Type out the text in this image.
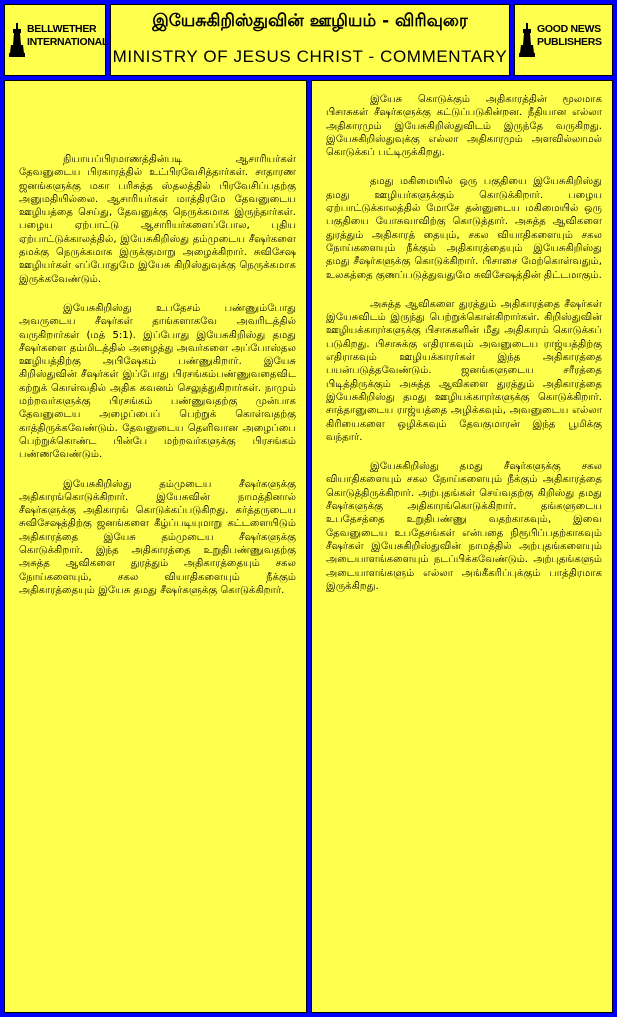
BELLWETHER
INTERNATIONAL
இயேசுகிறிஸ்துவின் ஊழியம் - விரிவுரை
MINISTRY OF JESUS CHRIST - COMMENTARY
GOOD NEWS
PUBLISHERS

நியாயப்பிரமாணத்தின்படி ஆசாரியர்கள் தேவனுடைய பிரகாரத்தில் உட்பிரவேசித்தார்கள். சாதாரண ஜனங்களுக்கு மகா பரிசுத்த ஸ்தலத்தில் பிரவேசிப்பதற்கு அனுமதியில்லை. ஆசாரியர்கள் மாத்திரமே தேவனுடைய ஊழியத்தை செய்து, தேவனுக்கு நெருக்கமாக இருந்தார்கள். பழைய ஏற்பாட்டு ஆசாரியர்களைப்போல, புதிய ஏற்பாட்டுக்காலத்தில், இயேசுகிறிஸ்து தம்முடைய சீஷர்களை தமக்கு நெருக்கமாக இருக்குமாறு அழைக்கிறார். சுவிசேஷ ஊழியர்கள் எப்போதுமே இயேசு கிறிஸ்துவுக்கு நெருக்கமாக இருக்கவேண்டும்.

இயேசுகிறிஸ்து உபதேசம் பண்ணும்போது அவருடைய சீஷர்கள் தாங்களாகவே அவரிடத்தில் வருகிறார்கள் (மத் 5:1). இப்போது இயேசுகிறிஸ்து தமது சீஷர்களை தம்மிடத்தில் அழைத்து அவர்களை அப்போஸ்தல ஊழியத்திற்கு அபிஷேகம் பண்ணுகிறார். இயேசு கிறிஸ்துவின் சீஷர்கள் இப்போது பிரசங்கம்பண்ணுவதைவிட கற்றுக் கொள்வதில் அதிக கவனம் செலுத்துகிறார்கள். நாமும் மற்றவர்களுக்கு பிரசங்கம் பண்ணுவதற்கு முன்பாக தேவனுடைய அழைப்பைப் பெற்றுக் கொள்வதற்கு காத்திருக்கவேண்டும். தேவனுடைய தெளிவான அழைப்பை பெற்றுக்கொண்ட பின்பே மற்றவர்களுக்கு பிரசங்கம் பண்ணவேண்டும்.

இயேசுகிறிஸ்து தம்முடைய சீஷர்களுக்கு அதிகாரங்கொடுக்கிறார். இயேசுவின் நாமத்தினால் சீஷர்களுக்கு அதிகாரங் கொடுக்கப்படுகிறது. கர்த்தருடைய சுவிசேஷத்திற்கு ஜனங்களை கீழ்ப்படியுமாறு கட்டளையிடும் அதிகாரத்தை இயேசு தம்முடைய சீஷர்களுக்கு கொடுக்கிறார். இந்த அதிகாரத்தை உறுதிபண்ணுவதற்கு அசுத்த ஆவிகளை துரத்தும் அதிகாரத்தையும் சகல நோய்களையும், சகல வியாதிகளையும் நீக்கும் அதிகாரத்தையும் இயேசு தமது சீஷர்களுக்கு கொடுக்கிறார்.

இயேசு கொடுக்கும் அதிகாரத்தின் மூலமாக பிசாசுகள் சீஷர்களுக்கு கட்டுப்படுகின்றன. நீதியான எல்லா அதிகாரமும் இயேசுகிறிஸ்துவிடம் இருந்தே வருகிறது. இயேசுகிறிஸ்துவுக்கு எல்லா அதிகாரமும் அளவில்லாமல் கொடுக்கப் பட்டிருக்கிறது.

தமது மகிமையில் ஒரு பகுதியை இயேசுகிறிஸ்து தமது ஊழியர்களுக்கும் கொடுக்கிறார். பழைய ஏற்பாட்டுக்காலத்தில் மோசே தன்னுடைய மகிமையில் ஒரு பகுதியை யோசுவாவிற்கு கொடுத்தார். அசுத்த ஆவிகளை துரத்தும் அதிகாரத் தையும், சகல வியாதிகளையும் சகல நோய்களையும் நீக்கும் அதிகாரத்தையும் இயேசுகிறிஸ்து தமது சீஷர்களுக்கு கொடுக்கிறார். பிசாசை மேற்கொள்வதும், உலகத்தை குணப்படுத்துவதுமே சுவிசேஷத்தின் திட்டமாகும்.

அசுத்த ஆவிகளை துரத்தும் அதிகாரத்தை சீஷர்கள் இயேசுவிடம் இருந்து பெற்றுக்கொள்கிறார்கள். கிறிஸ்துவின் ஊழியக்காரர்களுக்கு பிசாசுகளின் மீது அதிகாரம் கொடுக்கப் படுகிறது. பிசாசுக்கு எதிராகவும் அவனுடைய ராஜ்யத்திற்கு எதிராகவும் ஊழியக்காரர்கள் இந்த அதிகாரத்தை பயன்படுத்தவேண்டும். ஜனங்களுடைய சரீரத்தை பிடித்திருக்கும் அசுத்த ஆவிகளை துரத்தும் அதிகாரத்தை இயேசுகிறிஸ்து தமது ஊழியக்காரர்களுக்கு கொடுக்கிறார். சாத்தானுடைய ராஜ்யத்தை அழிக்கவும், அவனுடைய எல்லா கிரியைகளை ஒழிக்கவும் தேவகுமாரன் இந்த பூமிக்கு வந்தார்.

இயேசுகிறிஸ்து தமது சீஷர்களுக்கு சகல வியாதிகளையும் சகல நோய்களையும் நீக்கும் அதிகாரத்தை கொடுத்திருக்கிறார். அற்புதங்கள் செய்வதற்கு கிறிஸ்து தமது சீஷர்களுக்கு அதிகாரங்கொடுக்கிறார். தங்களுடைய உபதேசத்தை உறுதிபண்ணு வதற்காகவும், இவை தேவனுடைய உபதேசங்கள் என்பதை நிரூபிப்பதற்காகவும் சீஷர்கள் இயேசுகிறிஸ்துவின் நாமத்தில் அற்புதங்களையும் அடையாளங்களையும் நடப்பிக்கவேண்டும். அற்புதங்களும் அடையாளங்களும் எல்லா அங்கீகரிப்புக்கும் பாத்திரமாக இருக்கிறது.
